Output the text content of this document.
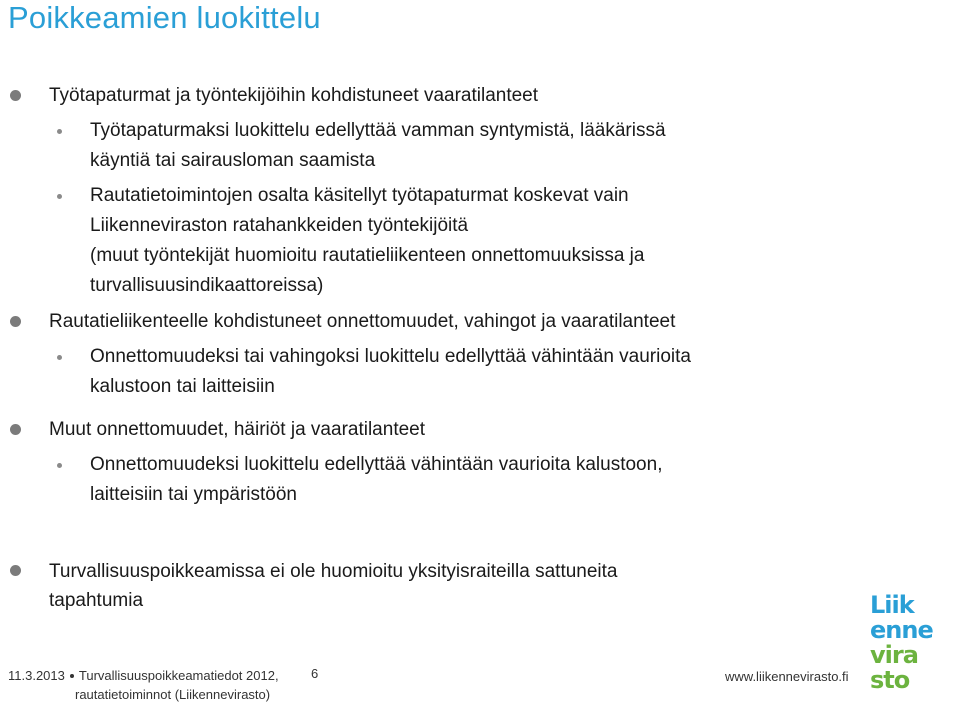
Poikkeamien luokittelu
Työtapaturmat ja työntekijöihin kohdistuneet vaaratilanteet
Työtapaturmaksi luokittelu edellyttää vamman syntymistä, lääkärissä
käyntiä tai sairausloman saamista
Rautatietoimintojen osalta käsitellyt työtapaturmat koskevat vain
Liikenneviraston ratahankkeiden työntekijöitä
(muut työntekijät huomioitu rautatieliikenteen onnettomuuksissa ja
turvallisuusindikaattoreissa)
Rautatieliikenteelle kohdistuneet onnettomuudet, vahingot ja vaaratilanteet
Onnettomuudeksi tai vahingoksi luokittelu edellyttää vähintään vaurioita
kalustoon tai laitteisiin
Muut onnettomuudet, häiriöt ja vaaratilanteet
Onnettomuudeksi luokittelu edellyttää vähintään vaurioita kalustoon,
laitteisiin tai ympäristöön
Turvallisuuspoikkeamissa ei ole huomioitu yksityisraiteilla sattuneita
tapahtumia
11.3.2013 Turvallisuuspoikkeamatiedot 2012,
rautatietoiminnot (Liikennevirasto)
6	www.liikennevirasto.fi
Liik
enne
vira
sto
